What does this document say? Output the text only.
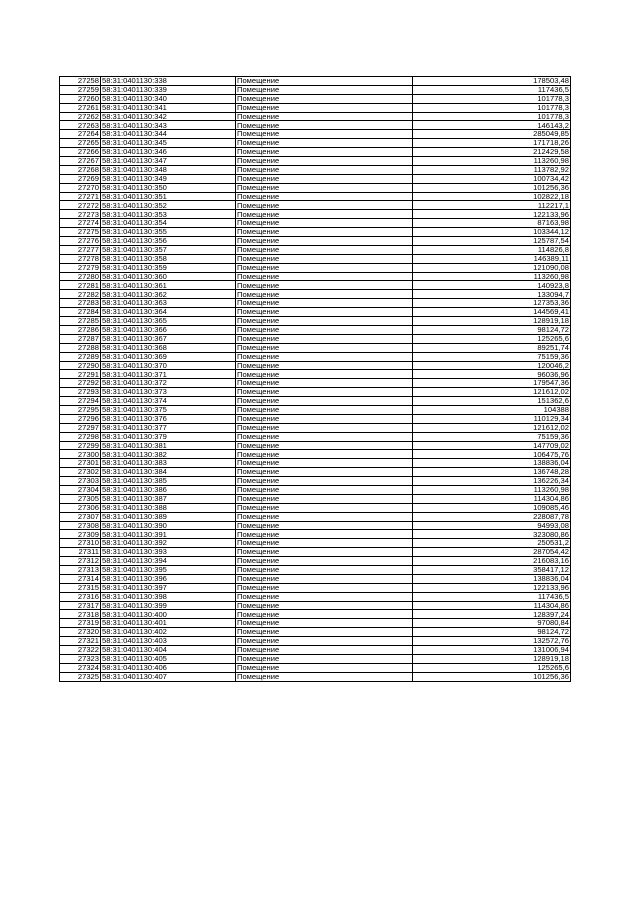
27258	58:31:0401130:338	Помещение	178503,48
27259	58:31:0401130:339	Помещение	117436,5
27260	58:31:0401130:340	Помещение	101778,3
27261	58:31:0401130:341	Помещение	101778,3
27262	58:31:0401130:342	Помещение	101778,3
27263	58:31:0401130:343	Помещение	146143,2
27264	58:31:0401130:344	Помещение	285049,85
27265	58:31:0401130:345	Помещение	171718,26
27266	58:31:0401130:346	Помещение	212429,58
27267	58:31:0401130:347	Помещение	113260,98
27268	58:31:0401130:348	Помещение	113782,92
27269	58:31:0401130:349	Помещение	100734,42
27270	58:31:0401130:350	Помещение	101256,36
27271	58:31:0401130:351	Помещение	102822,18
27272	58:31:0401130:352	Помещение	112217,1
27273	58:31:0401130:353	Помещение	122133,96
27274	58:31:0401130:354	Помещение	87163,98
27275	58:31:0401130:355	Помещение	103344,12
27276	58:31:0401130:356	Помещение	125787,54
27277	58:31:0401130:357	Помещение	114826,8
27278	58:31:0401130:358	Помещение	146389,11
27279	58:31:0401130:359	Помещение	121090,08
27280	58:31:0401130:360	Помещение	113260,98
27281	58:31:0401130:361	Помещение	140923,8
27282	58:31:0401130:362	Помещение	133094,7
27283	58:31:0401130:363	Помещение	127353,36
27284	58:31:0401130:364	Помещение	144569,41
27285	58:31:0401130:365	Помещение	128919,18
27286	58:31:0401130:366	Помещение	98124,72
27287	58:31:0401130:367	Помещение	125265,6
27288	58:31:0401130:368	Помещение	89251,74
27289	58:31:0401130:369	Помещение	75159,36
27290	58:31:0401130:370	Помещение	120046,2
27291	58:31:0401130:371	Помещение	96036,96
27292	58:31:0401130:372	Помещение	179547,36
27293	58:31:0401130:373	Помещение	121612,02
27294	58:31:0401130:374	Помещение	151362,6
27295	58:31:0401130:375	Помещение	104388
27296	58:31:0401130:376	Помещение	110129,34
27297	58:31:0401130:377	Помещение	121612,02
27298	58:31:0401130:379	Помещение	75159,36
27299	58:31:0401130:381	Помещение	147709,02
27300	58:31:0401130:382	Помещение	106475,76
27301	58:31:0401130:383	Помещение	138836,04
27302	58:31:0401130:384	Помещение	136748,28
27303	58:31:0401130:385	Помещение	136226,34
27304	58:31:0401130:386	Помещение	113260,98
27305	58:31:0401130:387	Помещение	114304,86
27306	58:31:0401130:388	Помещение	109085,46
27307	58:31:0401130:389	Помещение	228087,78
27308	58:31:0401130:390	Помещение	94993,08
27309	58:31:0401130:391	Помещение	323080,86
27310	58:31:0401130:392	Помещение	250531,2
27311	58:31:0401130:393	Помещение	287054,42
27312	58:31:0401130:394	Помещение	216083,16
27313	58:31:0401130:395	Помещение	358417,12
27314	58:31:0401130:396	Помещение	138836,04
27315	58:31:0401130:397	Помещение	122133,96
27316	58:31:0401130:398	Помещение	117436,5
27317	58:31:0401130:399	Помещение	114304,86
27318	58:31:0401130:400	Помещение	128397,24
27319	58:31:0401130:401	Помещение	97080,84
27320	58:31:0401130:402	Помещение	98124,72
27321	58:31:0401130:403	Помещение	132572,76
27322	58:31:0401130:404	Помещение	131006,94
27323	58:31:0401130:405	Помещение	128919,18
27324	58:31:0401130:406	Помещение	125265,6
27325	58:31:0401130:407	Помещение	101256,36
